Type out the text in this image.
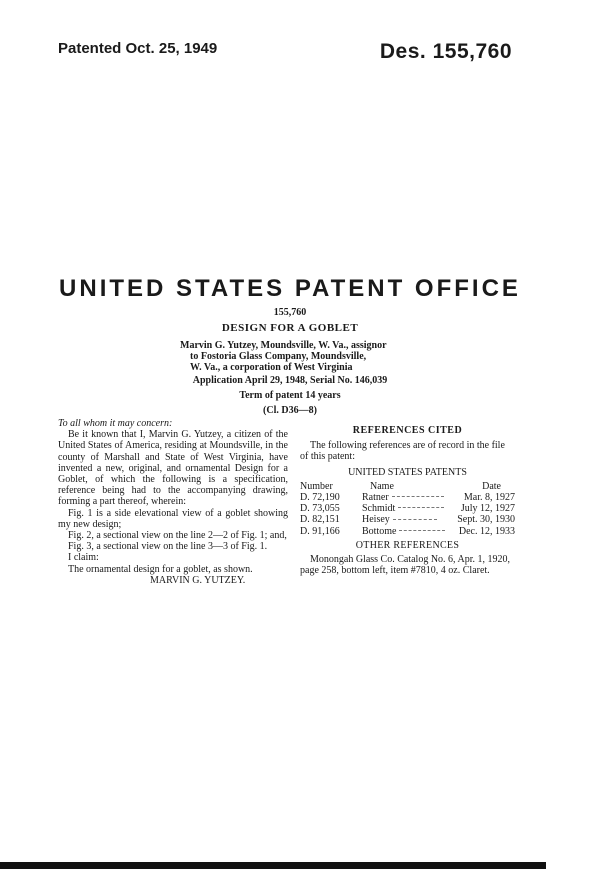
Patented Oct. 25, 1949	Des. 155,760
UNITED STATES PATENT OFFICE
155,760
DESIGN FOR A GOBLET
Marvin G. Yutzey, Moundsville, W. Va., assignor
to Fostoria Glass Company, Moundsville,
W. Va., a corporation of West Virginia
Application April 29, 1948, Serial No. 146,039
Term of patent 14 years
(Cl. D36—8)

To all whom it may concern:

Be it known that I, Marvin G. Yutzey, a citizen of the United States of America, residing at Moundsville, in the county of Marshall and State of West Virginia, have invented a new, original, and ornamental Design for a Goblet, of which the following is a specification, reference being had to the accompanying drawing, forming a part thereof, wherein:

Fig. 1 is a side elevational view of a goblet showing my new design;

Fig. 2, a sectional view on the line 2—2 of Fig. 1; and,

Fig. 3, a sectional view on the line 3—3 of Fig. 1.

I claim:

The ornamental design for a goblet, as shown.

MARVIN G. YUTZEY.

REFERENCES CITED

The following references are of record in the file of this patent:

UNITED STATES PATENTS

Number	Name	Date
D. 72,190	Ratner	Mar. 8, 1927
D. 73,055	Schmidt	July 12, 1927
D. 82,151	Heisey	Sept. 30, 1930
D. 91,166	Bottome	Dec. 12, 1933

OTHER REFERENCES

Monongah Glass Co. Catalog No. 6, Apr. 1, 1920, page 258, bottom left, item #7810, 4 oz. Claret.
